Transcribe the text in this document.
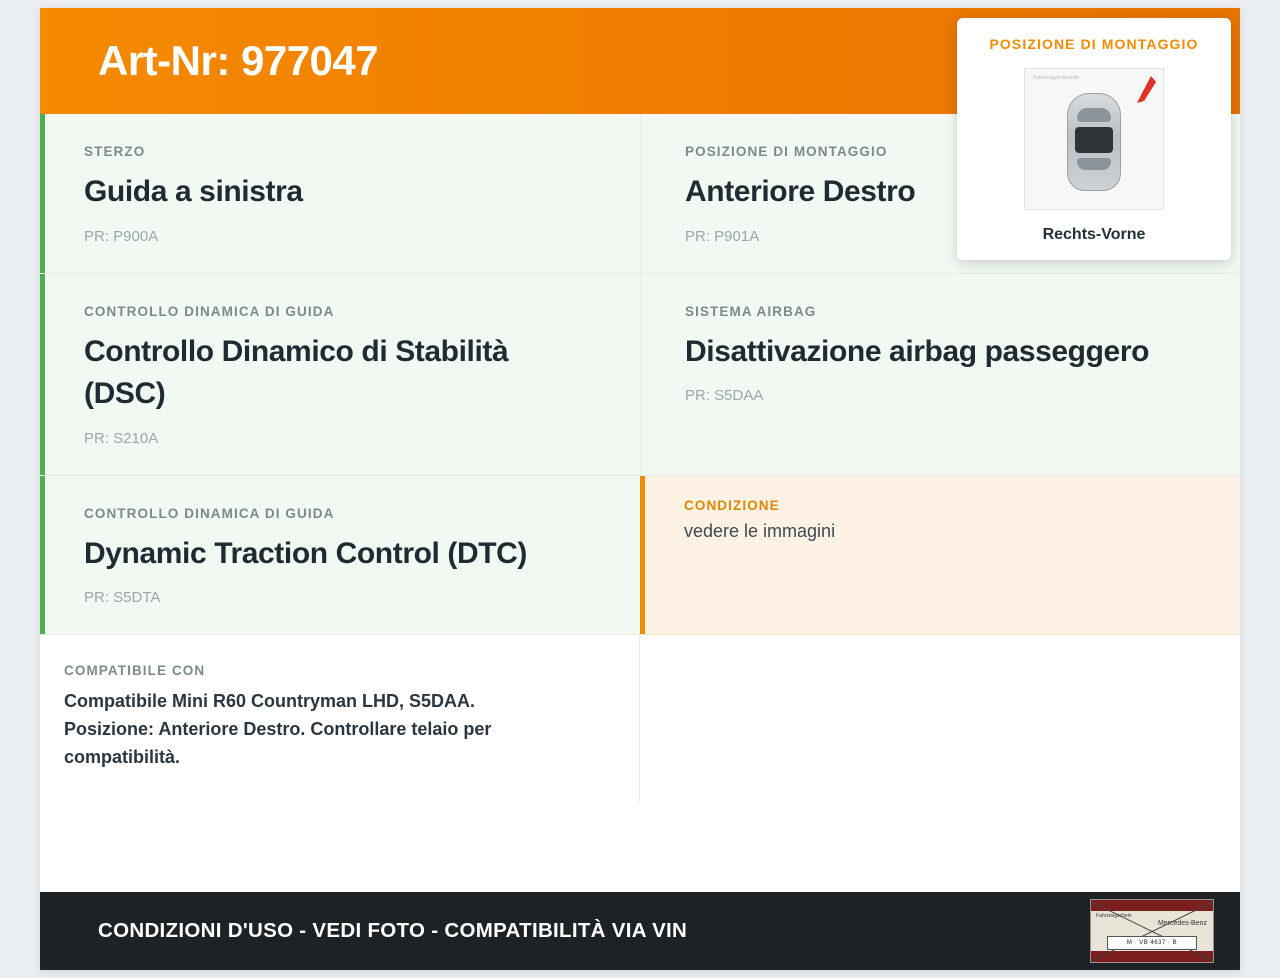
Art-Nr: 977047
STERZO
Guida a sinistra
PR: P900A
POSIZIONE DI MONTAGGIO
Anteriore Destro
PR: P901A
CONTROLLO DINAMICA DI GUIDA
Controllo Dinamico di Stabilità (DSC)
PR: S210A
SISTEMA AIRBAG
Disattivazione airbag passeggero
PR: S5DAA
CONTROLLO DINAMICA DI GUIDA
Dynamic Traction Control (DTC)
PR: S5DTA
CONDIZIONE
vedere le immagini
COMPATIBILE CON
Compatibile Mini R60 Countryman LHD, S5DAA. Posizione: Anteriore Destro. Controllare telaio per compatibilità.
POSIZIONE DI MONTAGGIO
Fahrzeugvorderseite
Rechts-Vorne
CONDIZIONI D'USO - VEDI FOTO - COMPATIBILITÀ VIA VIN
Fahrzeugschein
Mercedes-Benz
M · VB 4637 · B
